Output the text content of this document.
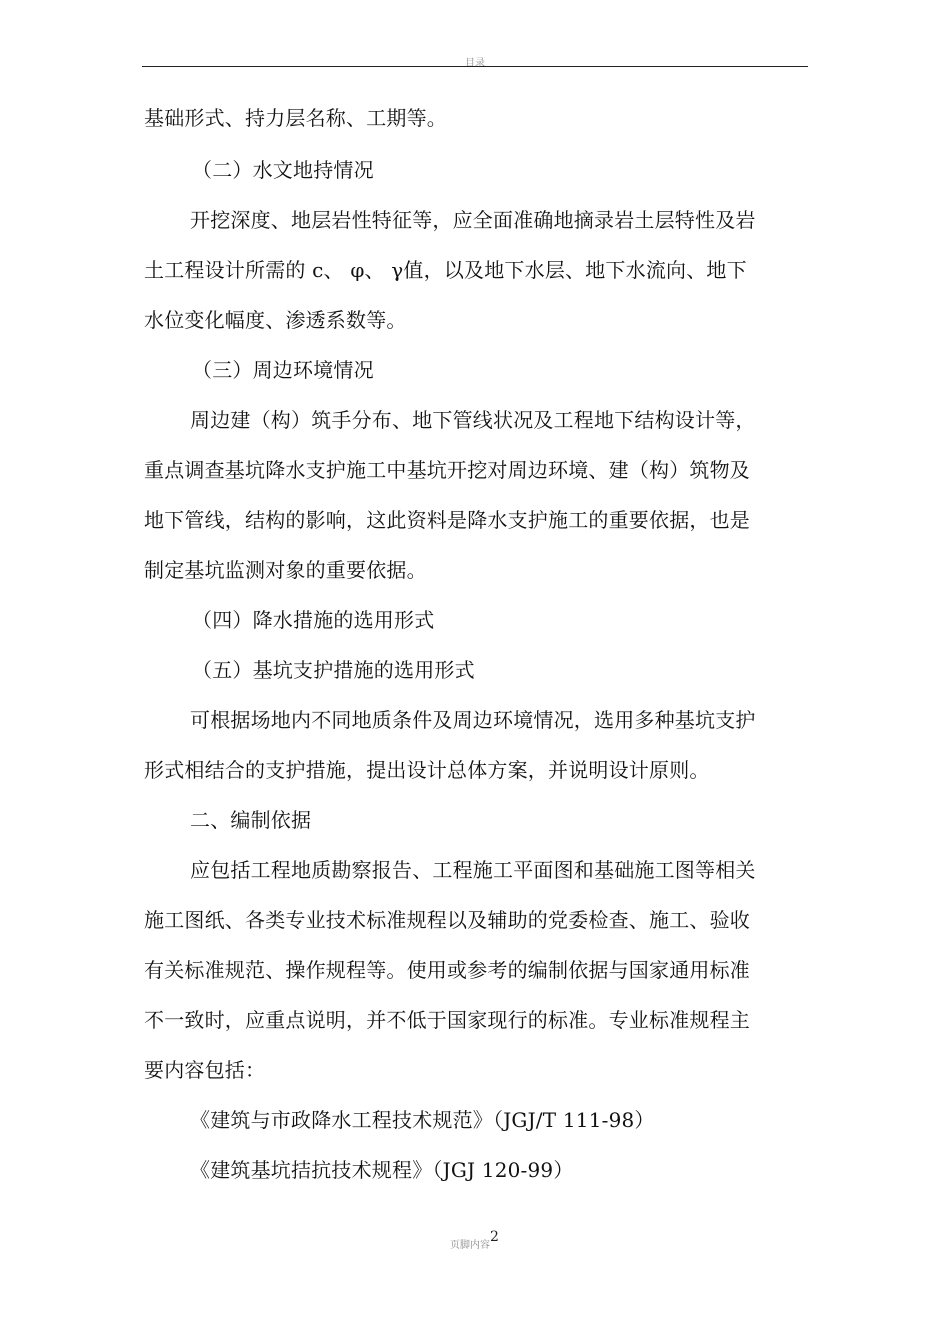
目录
基础形式、持力层名称、工期等。
（二）水文地持情况
开挖深度、地层岩性特征等，应全面准确地摘录岩土层特性及岩
土工程设计所需的 c、 φ、 γ值，以及地下水层、地下水流向、地下
水位变化幅度、渗透系数等。
（三）周边环境情况
周边建（构）筑手分布、地下管线状况及工程地下结构设计等，
重点调查基坑降水支护施工中基坑开挖对周边环境、建（构）筑物及
地下管线，结构的影响，这此资料是降水支护施工的重要依据，也是
制定基坑监测对象的重要依据。
（四）降水措施的选用形式
（五）基坑支护措施的选用形式
可根据场地内不同地质条件及周边环境情况，选用多种基坑支护
形式相结合的支护措施，提出设计总体方案，并说明设计原则。
二、编制依据
应包括工程地质勘察报告、工程施工平面图和基础施工图等相关
施工图纸、各类专业技术标准规程以及辅助的党委检查、施工、验收
有关标准规范、操作规程等。使用或参考的编制依据与国家通用标准
不一致时，应重点说明，并不低于国家现行的标准。专业标准规程主
要内容包括：
《建筑与市政降水工程技术规范》（JGJ/T 111-98）
《建筑基坑拮抗技术规程》（JGJ 120-99）
页脚内容2
